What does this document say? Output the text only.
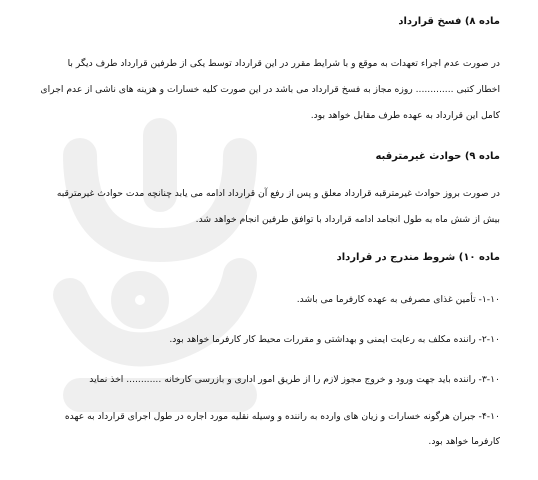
ماده ۸) فسخ قرارداد
در صورت عدم اجراء تعهدات به موقع و با شرایط مقرر در این قرارداد توسط یکی از طرفین قرارداد طرف دیگر با
اخطار کتبی ............. روزه مجاز به فسخ قرارداد می باشد در این صورت کلیه خسارات و هزینه های ناشی از عدم اجرای
کامل این قرارداد به عهده طرف مقابل خواهد بود.
ماده ۹) حوادث غیرمترقبه
در صورت بروز حوادث غیرمترقبه قرارداد معلق و پس از رفع آن قرارداد ادامه می یابد چنانچه مدت حوادث غیرمترقبه
بیش از شش ماه به طول انجامد ادامه قرارداد با توافق طرفین انجام خواهد شد.
ماده ۱۰) شروط مندرج در قرارداد
۱-۱۰- تأمین غذای مصرفی به عهده کارفرما می باشد.
۲-۱۰- راننده مکلف به رعایت ایمنی و بهداشتی و مقررات محیط کار کارفرما خواهد بود.
۳-۱۰- راننده باید جهت ورود و خروج مجوز لازم را از طریق امور اداری و بازرسی کارخانه ............ اخذ نماید
۴-۱۰- جبران هرگونه خسارات و زیان های وارده به راننده و وسیله نقلیه مورد اجاره در طول اجرای قرارداد به عهده
کارفرما خواهد بود.
